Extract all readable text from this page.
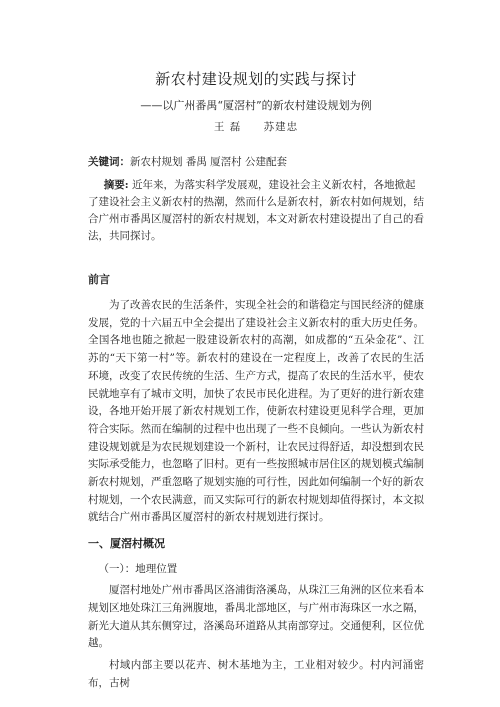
新农村建设规划的实践与探讨
——以广州番禺“厦滘村”的新农村建设规划为例
王 磊 苏建忠
关键词：新农村规划 番禺 厦滘村 公建配套
摘要: 近年来，为落实科学发展观，建设社会主义新农村，各地掀起了建设社会主义新农村的热潮，然而什么是新农村，新农村如何规划，结合广州市番禺区厦滘村的新农村规划，本文对新农村建设提出了自己的看法，共同探讨。
前言

为了改善农民的生活条件，实现全社会的和谐稳定与国民经济的健康发展，党的十六届五中全会提出了建设社会主义新农村的重大历史任务。全国各地也随之掀起一股建设新农村的高潮，如成都的“五朵金花”、江苏的“天下第一村”等。新农村的建设在一定程度上，改善了农民的生活环境，改变了农民传统的生活、生产方式，提高了农民的生活水平，使农民就地享有了城市文明，加快了农民市民化进程。为了更好的进行新农建设，各地开始开展了新农村规划工作，使新农村建设更见科学合理，更加符合实际。然而在编制的过程中也出现了一些不良倾向。一些认为新农村建设规划就是为农民规划建设一个新村，让农民过得舒适，却没想到农民实际承受能力，也忽略了旧村。更有一些按照城市居住区的规划模式编制新农村规划，严重忽略了规划实施的可行性，因此如何编制一个好的新农村规划，一个农民满意，而又实际可行的新农村规划却值得探讨，本文拟就结合广州市番禺区厦滘村的新农村规划进行探讨。

一、厦滘村概况

（一）：地理位置

厦滘村地处广州市番禺区洛浦街洛溪岛，从珠江三角洲的区位来看本规划区地处珠江三角洲腹地，番禺北部地区，与广州市海珠区一水之隔，新光大道从其东侧穿过，洛溪岛环道路从其南部穿过。交通便利，区位优越。

村域内部主要以花卉、树木基地为主，工业相对较少。村内河涌密布，古树
